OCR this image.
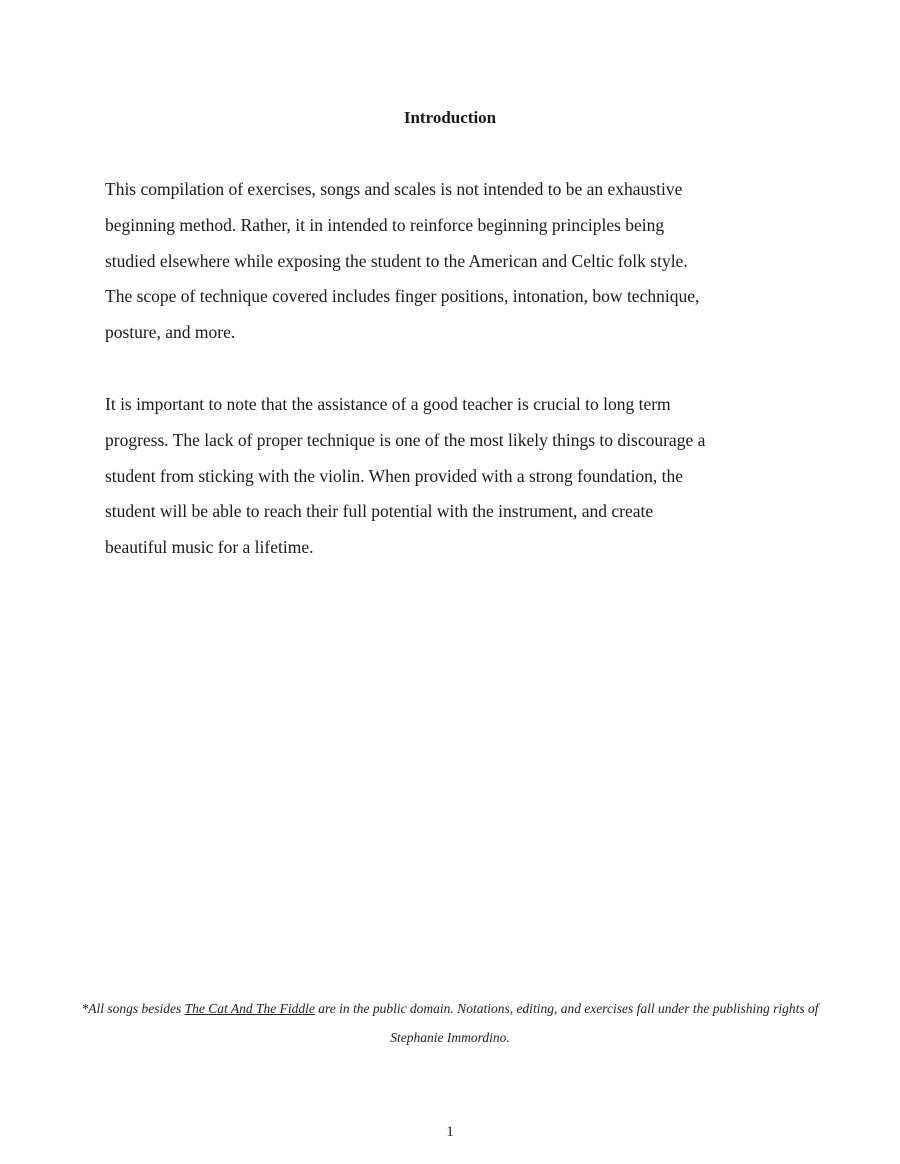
Introduction

This compilation of exercises, songs and scales is not intended to be an exhaustive
beginning method. Rather, it in intended to reinforce beginning principles being
studied elsewhere while exposing the student to the American and Celtic folk style.
The scope of technique covered includes finger positions, intonation, bow technique,
posture, and more.

It is important to note that the assistance of a good teacher is crucial to long term
progress. The lack of proper technique is one of the most likely things to discourage a
student from sticking with the violin. When provided with a strong foundation, the
student will be able to reach their full potential with the instrument, and create
beautiful music for a lifetime.

*All songs besides The Cat And The Fiddle are in the public domain. Notations, editing, and exercises fall under the publishing rights of Stephanie Immordino.

1
